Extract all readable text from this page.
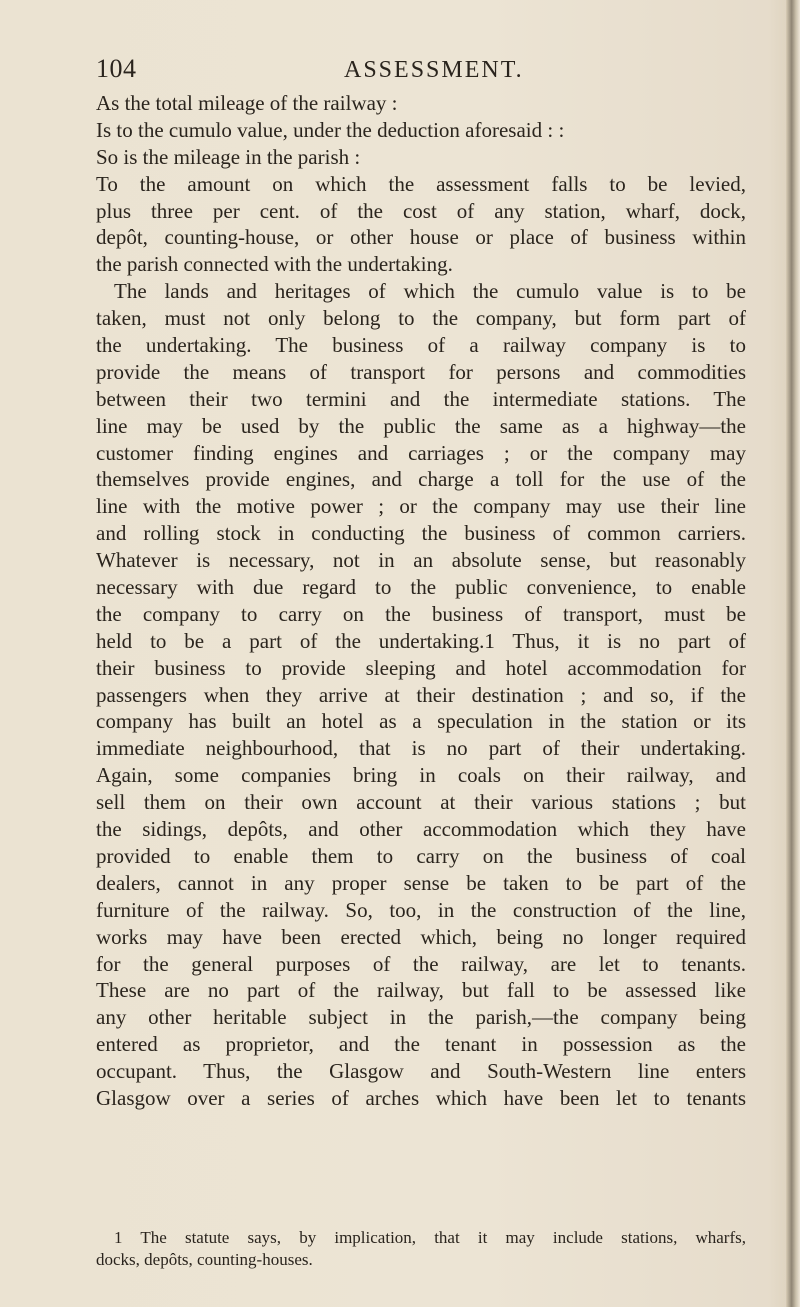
104	ASSESSMENT.
As the total mileage of the railway :
Is to the cumulo value, under the deduction aforesaid : :
So is the mileage in the parish :
To the amount on which the assessment falls to be levied,
plus three per cent. of the cost of any station, wharf, dock,
depôt, counting-house, or other house or place of business within
the parish connected with the undertaking.
The lands and heritages of which the cumulo value is to be
taken, must not only belong to the company, but form part of
the undertaking. The business of a railway company is to
provide the means of transport for persons and commodities
between their two termini and the intermediate stations. The
line may be used by the public the same as a highway—the
customer finding engines and carriages ; or the company may
themselves provide engines, and charge a toll for the use of the
line with the motive power ; or the company may use their line
and rolling stock in conducting the business of common carriers.
Whatever is necessary, not in an absolute sense, but reasonably
necessary with due regard to the public convenience, to enable
the company to carry on the business of transport, must be
held to be a part of the undertaking.1 Thus, it is no part of
their business to provide sleeping and hotel accommodation for
passengers when they arrive at their destination ; and so, if the
company has built an hotel as a speculation in the station or its
immediate neighbourhood, that is no part of their undertaking.
Again, some companies bring in coals on their railway, and
sell them on their own account at their various stations ; but
the sidings, depôts, and other accommodation which they have
provided to enable them to carry on the business of coal
dealers, cannot in any proper sense be taken to be part of the
furniture of the railway. So, too, in the construction of the line,
works may have been erected which, being no longer required
for the general purposes of the railway, are let to tenants.
These are no part of the railway, but fall to be assessed like
any other heritable subject in the parish,—the company being
entered as proprietor, and the tenant in possession as the
occupant. Thus, the Glasgow and South-Western line enters
Glasgow over a series of arches which have been let to tenants
1 The statute says, by implication, that it may include stations, wharfs,
docks, depôts, counting-houses.
